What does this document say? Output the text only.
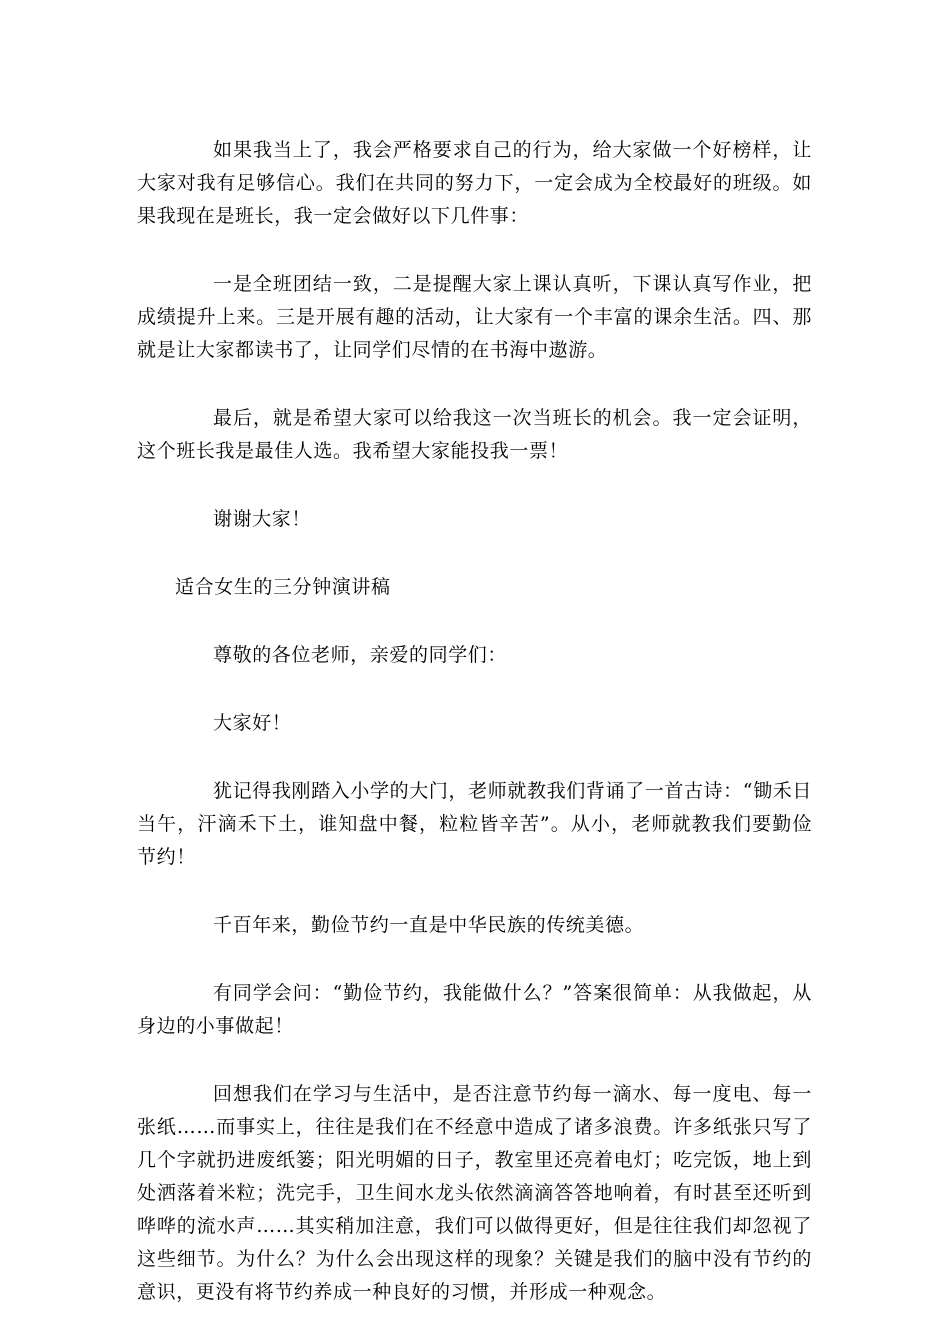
如果我当上了，我会严格要求自己的行为，给大家做一个好榜样，让大家对我有足够信心。我们在共同的努力下，一定会成为全校最好的班级。如果我现在是班长，我一定会做好以下几件事：

一是全班团结一致，二是提醒大家上课认真听，下课认真写作业，把成绩提升上来。三是开展有趣的活动，让大家有一个丰富的课余生活。四、那就是让大家都读书了，让同学们尽情的在书海中遨游。

最后，就是希望大家可以给我这一次当班长的机会。我一定会证明，这个班长我是最佳人选。我希望大家能投我一票！

谢谢大家！

适合女生的三分钟演讲稿

尊敬的各位老师，亲爱的同学们：

大家好！

犹记得我刚踏入小学的大门，老师就教我们背诵了一首古诗：“锄禾日当午，汗滴禾下土，谁知盘中餐，粒粒皆辛苦”。从小，老师就教我们要勤俭节约！

千百年来，勤俭节约一直是中华民族的传统美德。

有同学会问：“勤俭节约，我能做什么？”答案很简单：从我做起，从身边的小事做起！

回想我们在学习与生活中，是否注意节约每一滴水、每一度电、每一张纸……而事实上，往往是我们在不经意中造成了诸多浪费。许多纸张只写了几个字就扔进废纸篓；阳光明媚的日子，教室里还亮着电灯；吃完饭，地上到处洒落着米粒；洗完手，卫生间水龙头依然滴滴答答地响着，有时甚至还听到哗哗的流水声……其实稍加注意，我们可以做得更好，但是往往我们却忽视了这些细节。为什么？为什么会出现这样的现象？关键是我们的脑中没有节约的意识，更没有将节约养成一种良好的习惯，并形成一种观念。
